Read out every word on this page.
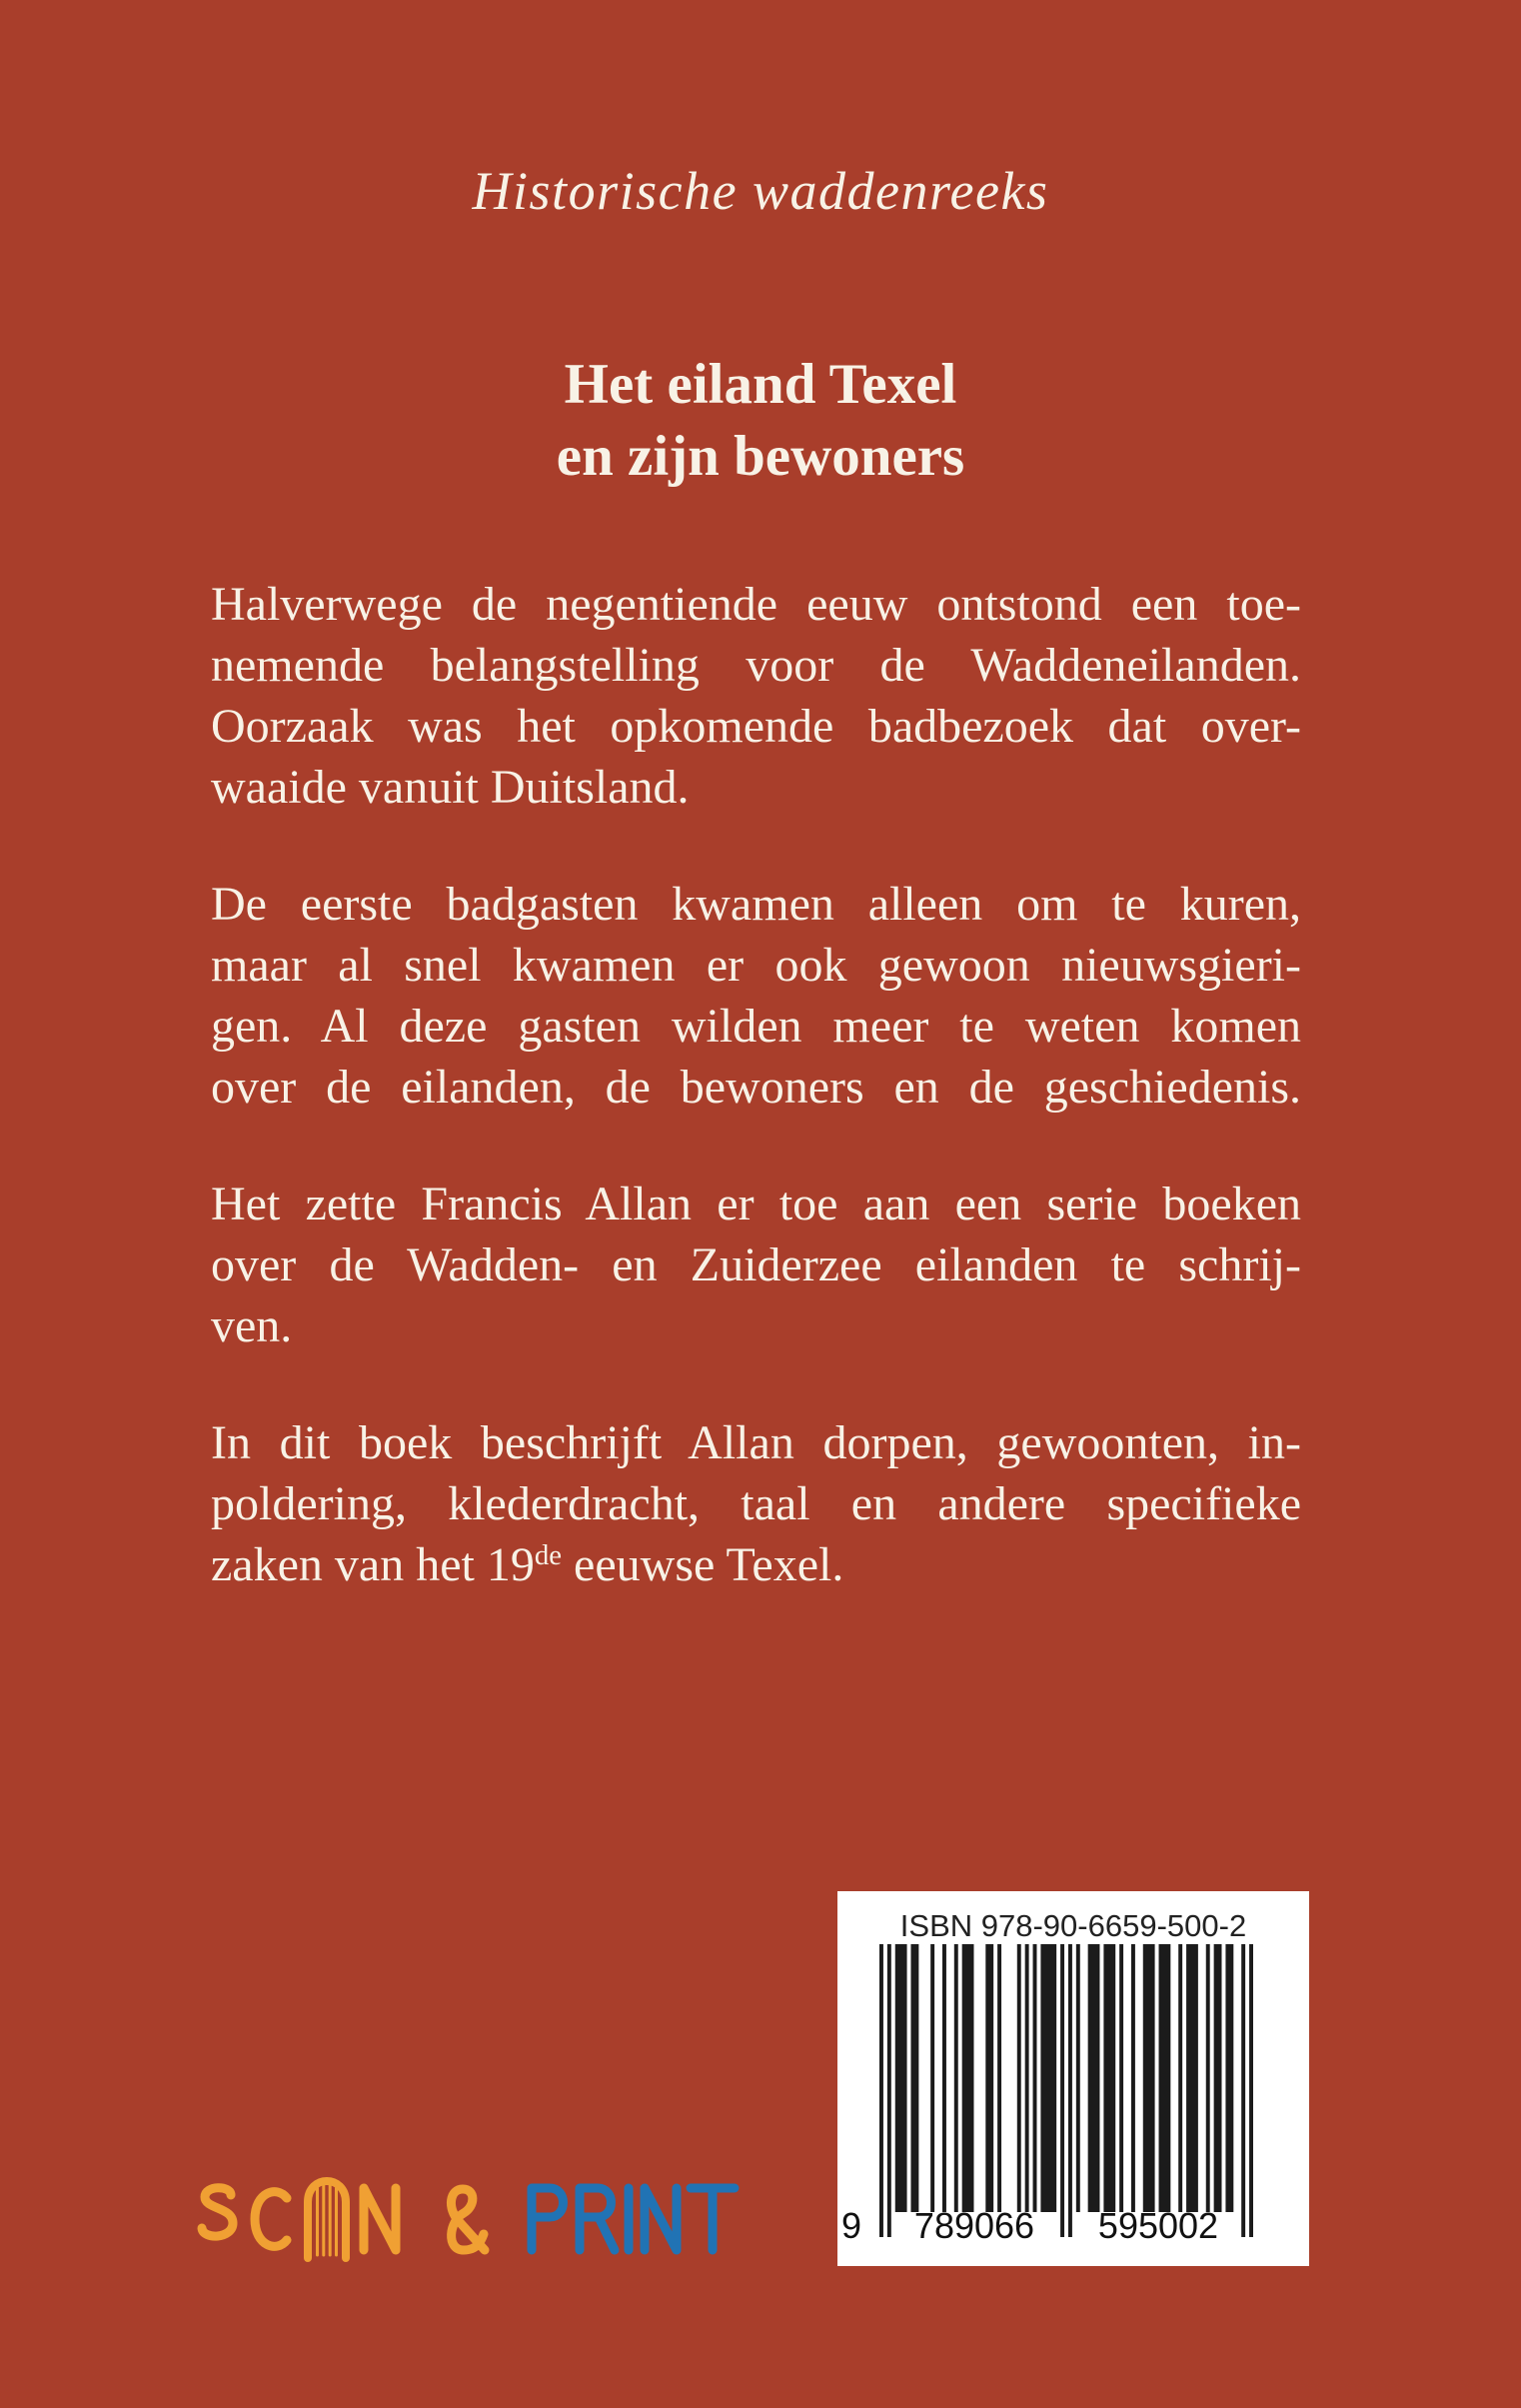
Historische waddenreeks
Het eiland Texel
en zijn bewoners
Halverwege de negentiende eeuw ontstond een toe-
nemende belangstelling voor de Waddeneilanden.
Oorzaak was het opkomende badbezoek dat over-
waaide vanuit Duitsland.
De eerste badgasten kwamen alleen om te kuren,
maar al snel kwamen er ook gewoon nieuwsgieri-
gen. Al deze gasten wilden meer te weten komen
over de eilanden, de bewoners en de geschiedenis.
Het zette Francis Allan er toe aan een serie boeken
over de Wadden- en Zuiderzee eilanden te schrij-
ven.
In dit boek beschrijft Allan dorpen, gewoonten, in-
poldering, klederdracht, taal en andere specifieke
zaken van het 19de eeuwse Texel.
ISBN 978-90-6659-500-2
9	789066	595002
